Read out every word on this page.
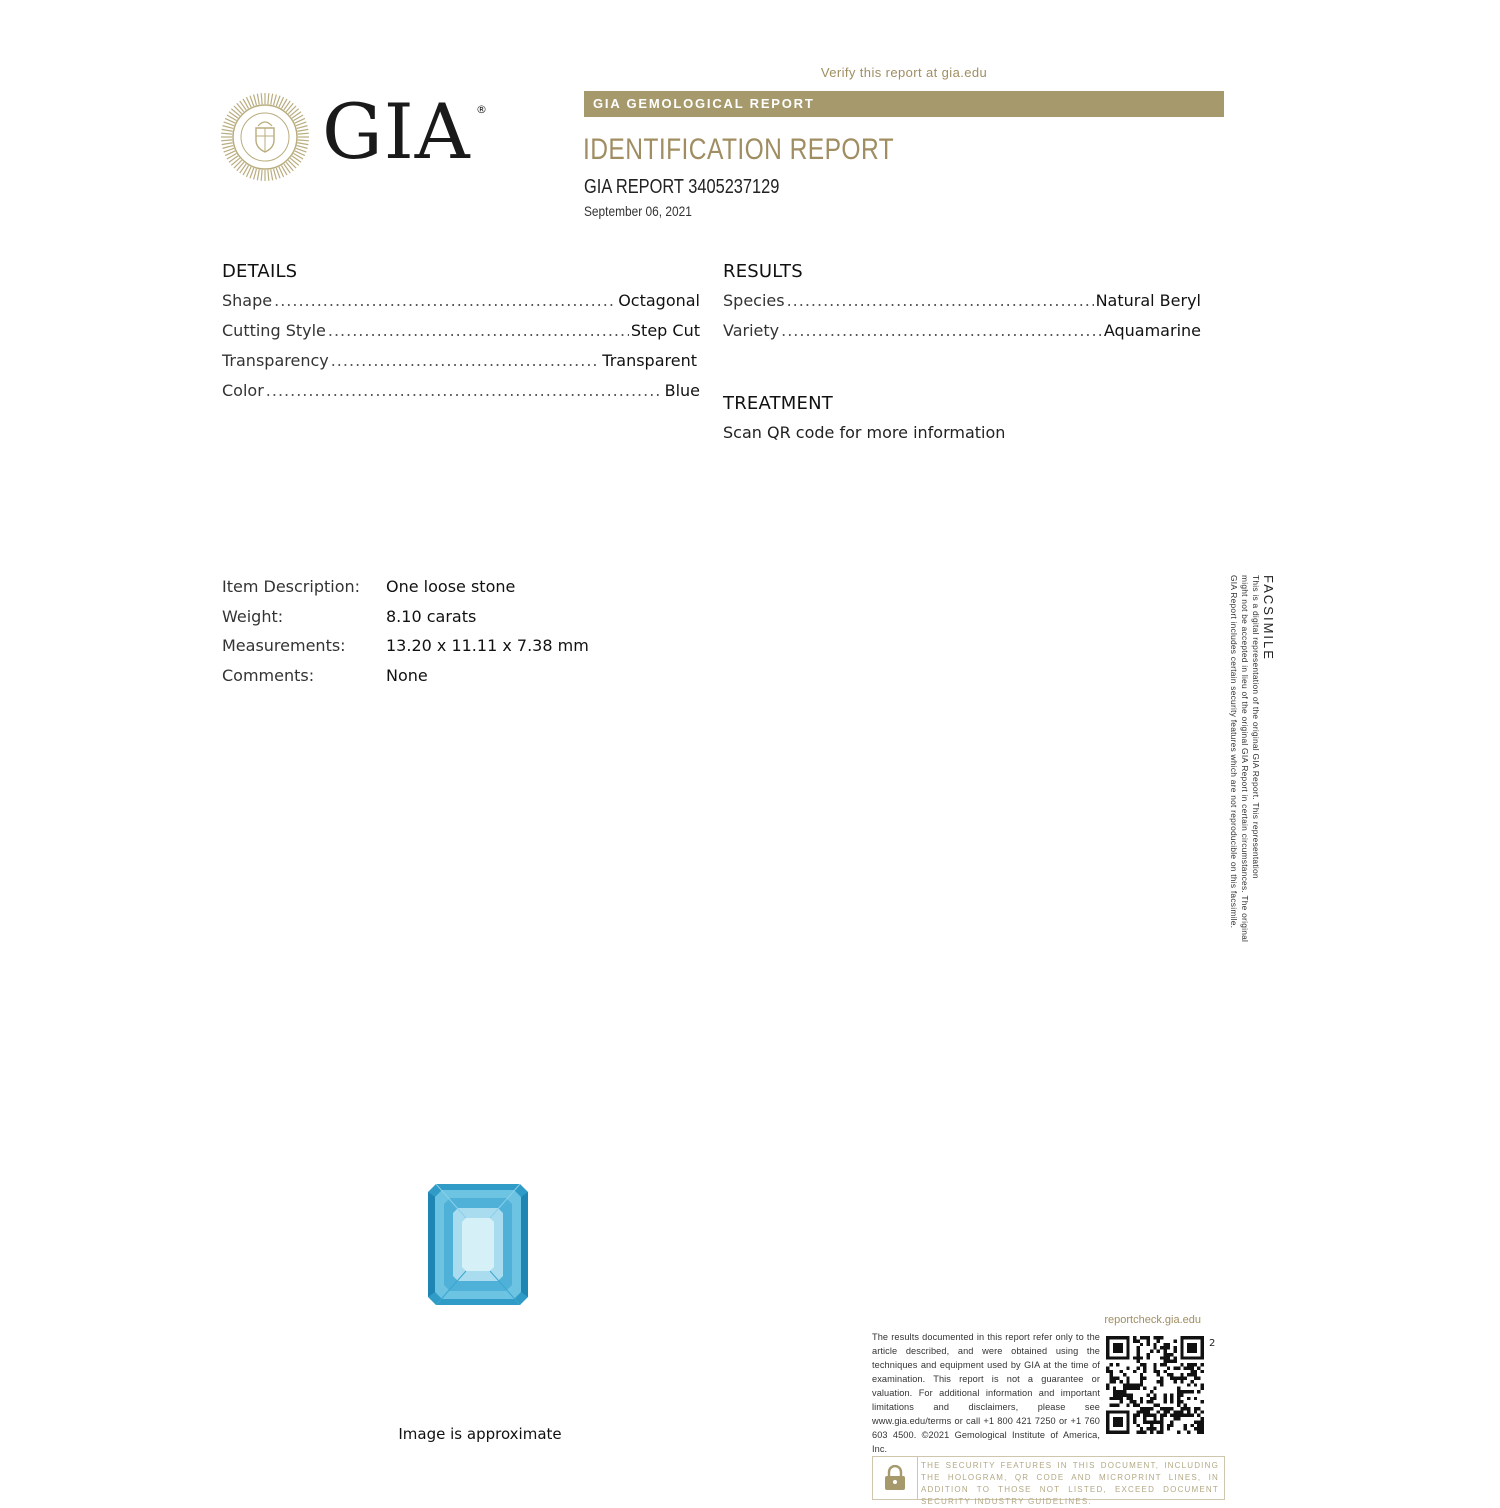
Verify this report at gia.edu
GIA GEMOLOGICAL REPORT
IDENTIFICATION REPORT
GIA REPORT 3405237129
September 06, 2021
GIA ®
DETAILS
Shape .....	Octagonal
Cutting Style .....	Step Cut
Transparency .....	Transparent
Color .....	Blue
RESULTS
Species .....	Natural Beryl
Variety .....	Aquamarine
TREATMENT
Scan QR code for more information
Item Description:	One loose stone
Weight:	8.10 carats
Measurements:	13.20 x 11.11 x 7.38 mm
Comments:	None
FACSIMILE
This is a digital representation of the original GIA Report. This representation
might not be accepted in lieu of the original GIA Report in certain circumstances. The original
GIA Report includes certain security features which are not reproducible on this facsimile.
Image is approximate
reportcheck.gia.edu
The results documented in this report refer only to the article described, and were obtained using the techniques and equipment used by GIA at the time of examination. This report is not a guarantee or valuation. For additional information and important limitations and disclaimers, please see www.gia.edu/terms or call +1 800 421 7250 or +1 760 603 4500. ©2021 Gemological Institute of America, Inc.
2
THE SECURITY FEATURES IN THIS DOCUMENT, INCLUDING THE HOLOGRAM, QR CODE AND MICROPRINT LINES, IN ADDITION TO THOSE NOT LISTED, EXCEED DOCUMENT SECURITY INDUSTRY GUIDELINES.
